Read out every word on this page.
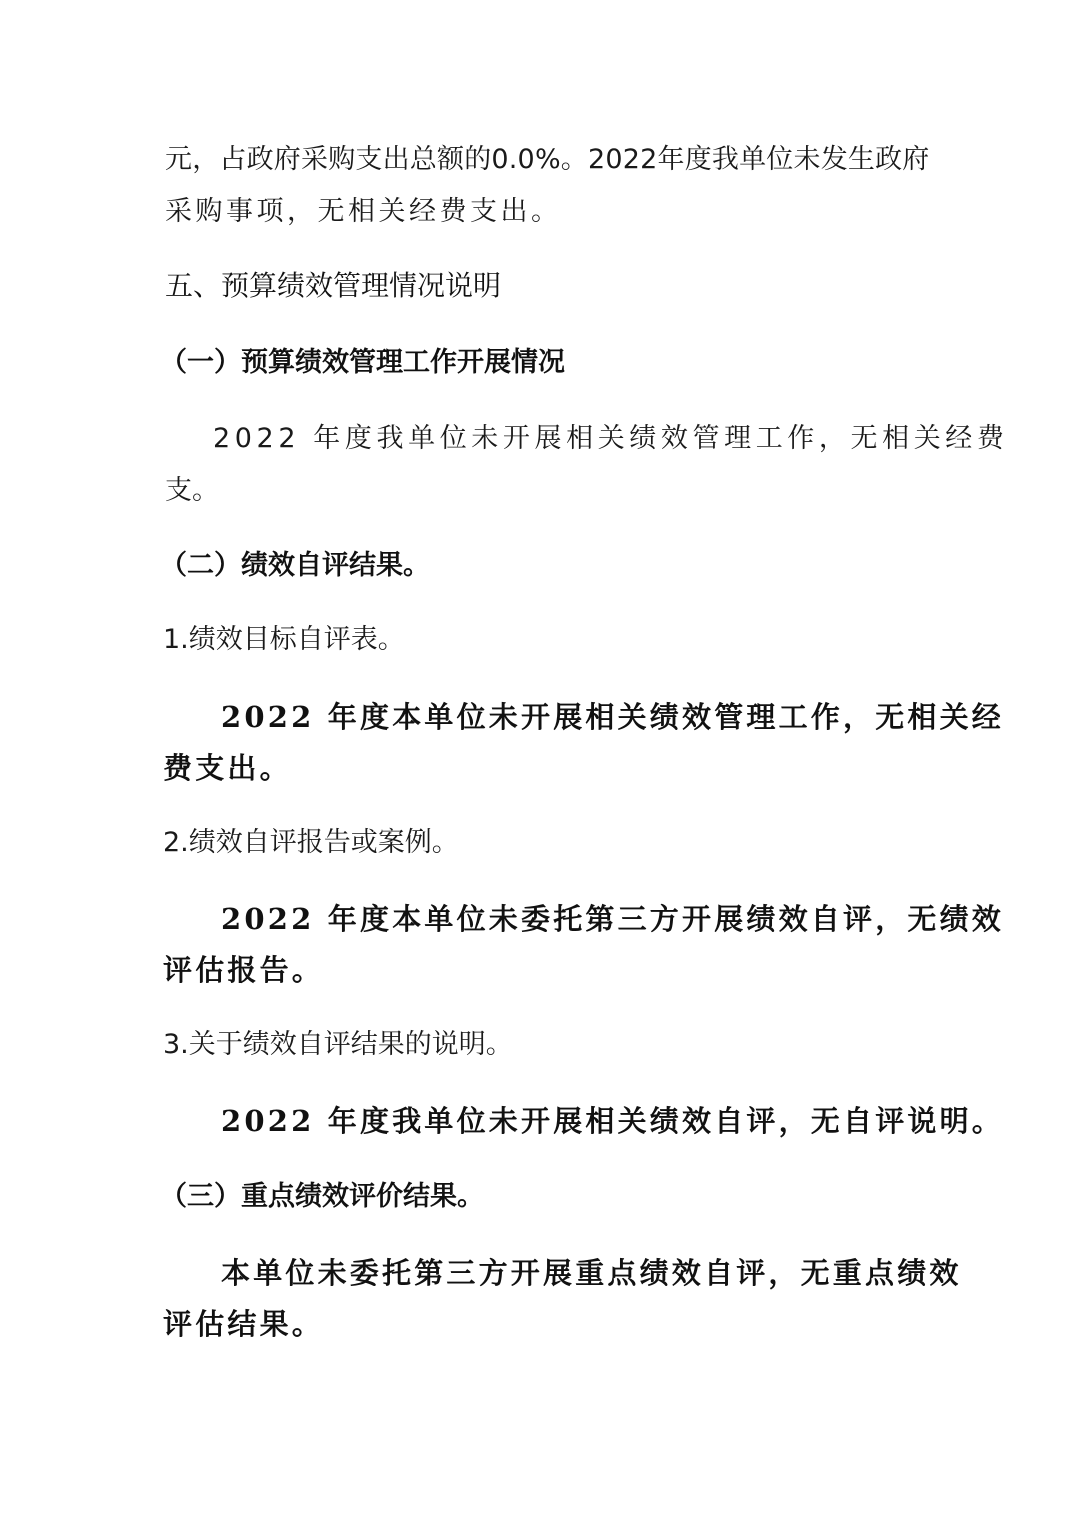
元，占政府采购支出总额的0.0%。2022年度我单位未发生政府
采购事项，无相关经费支出。
五、预算绩效管理情况说明
（一）预算绩效管理工作开展情况
2022 年度我单位未开展相关绩效管理工作，无相关经费
支。
（二）绩效自评结果。
1.绩效目标自评表。
2022 年度本单位未开展相关绩效管理工作，无相关经
费支出。
2.绩效自评报告或案例。
2022 年度本单位未委托第三方开展绩效自评，无绩效
评估报告。
3.关于绩效自评结果的说明。
2022 年度我单位未开展相关绩效自评，无自评说明。
（三）重点绩效评价结果。
本单位未委托第三方开展重点绩效自评，无重点绩效
评估结果。
